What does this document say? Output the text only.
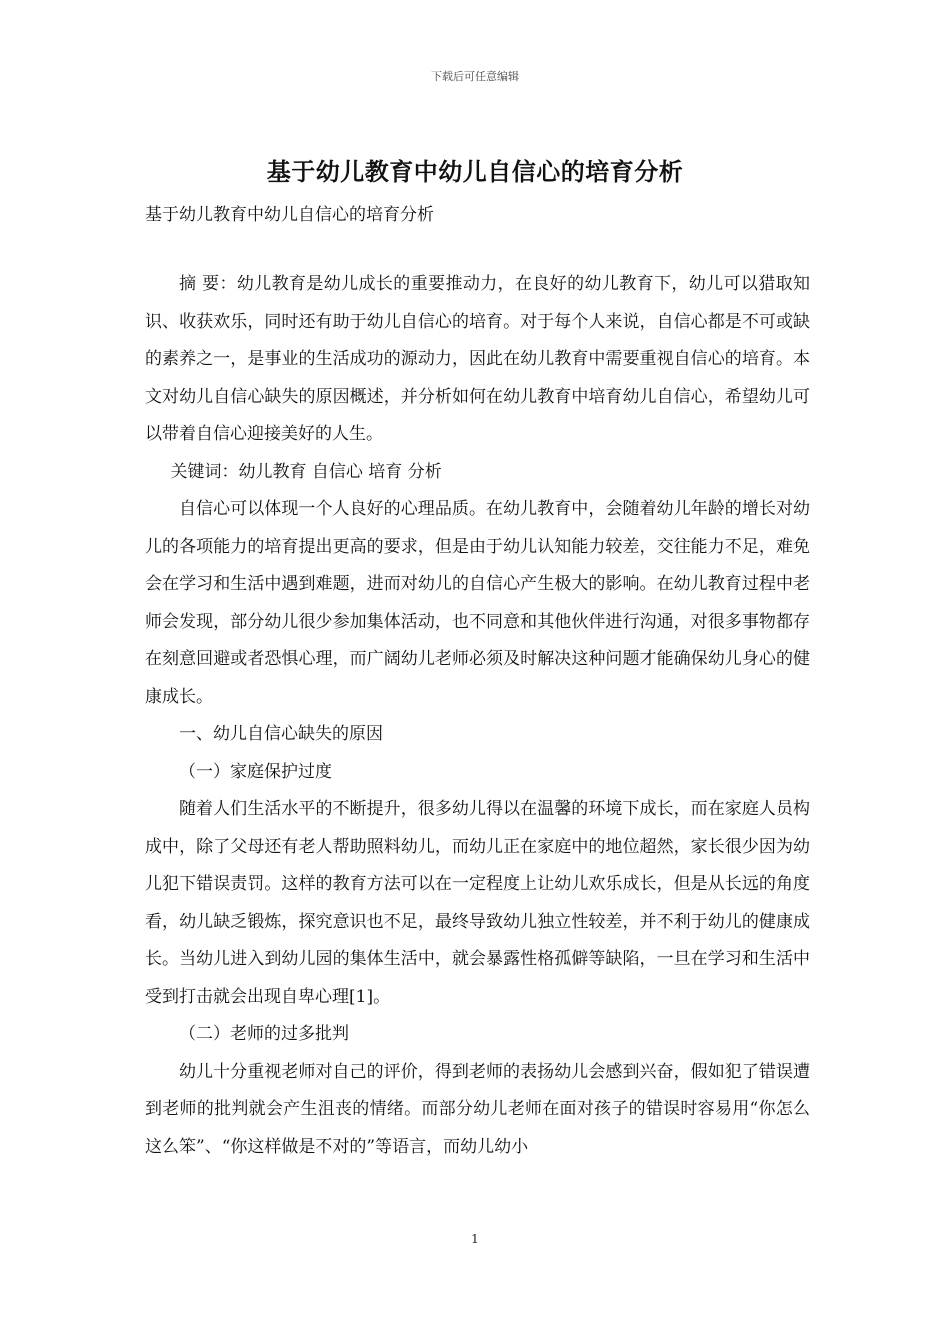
下载后可任意编辑
基于幼儿教育中幼儿自信心的培育分析
基于幼儿教育中幼儿自信心的培育分析

摘 要：幼儿教育是幼儿成长的重要推动力，在良好的幼儿教育下，幼儿可以猎取知识、收获欢乐，同时还有助于幼儿自信心的培育。对于每个人来说，自信心都是不可或缺的素养之一，是事业的生活成功的源动力，因此在幼儿教育中需要重视自信心的培育。本文对幼儿自信心缺失的原因概述，并分析如何在幼儿教育中培育幼儿自信心，希望幼儿可以带着自信心迎接美好的人生。

关键词：幼儿教育 自信心 培育 分析

自信心可以体现一个人良好的心理品质。在幼儿教育中，会随着幼儿年龄的增长对幼儿的各项能力的培育提出更高的要求，但是由于幼儿认知能力较差，交往能力不足，难免会在学习和生活中遇到难题，进而对幼儿的自信心产生极大的影响。在幼儿教育过程中老师会发现，部分幼儿很少参加集体活动，也不同意和其他伙伴进行沟通，对很多事物都存在刻意回避或者恐惧心理，而广阔幼儿老师必须及时解决这种问题才能确保幼儿身心的健康成长。

一、幼儿自信心缺失的原因

（一）家庭保护过度

随着人们生活水平的不断提升，很多幼儿得以在温馨的环境下成长，而在家庭人员构成中，除了父母还有老人帮助照料幼儿，而幼儿正在家庭中的地位超然，家长很少因为幼儿犯下错误责罚。这样的教育方法可以在一定程度上让幼儿欢乐成长，但是从长远的角度看，幼儿缺乏锻炼，探究意识也不足，最终导致幼儿独立性较差，并不利于幼儿的健康成长。当幼儿进入到幼儿园的集体生活中，就会暴露性格孤僻等缺陷，一旦在学习和生活中受到打击就会出现自卑心理[1]。

（二）老师的过多批判

幼儿十分重视老师对自己的评价，得到老师的表扬幼儿会感到兴奋，假如犯了错误遭到老师的批判就会产生沮丧的情绪。而部分幼儿老师在面对孩子的错误时容易用“你怎么这么笨”、“你这样做是不对的”等语言，而幼儿幼小

1
